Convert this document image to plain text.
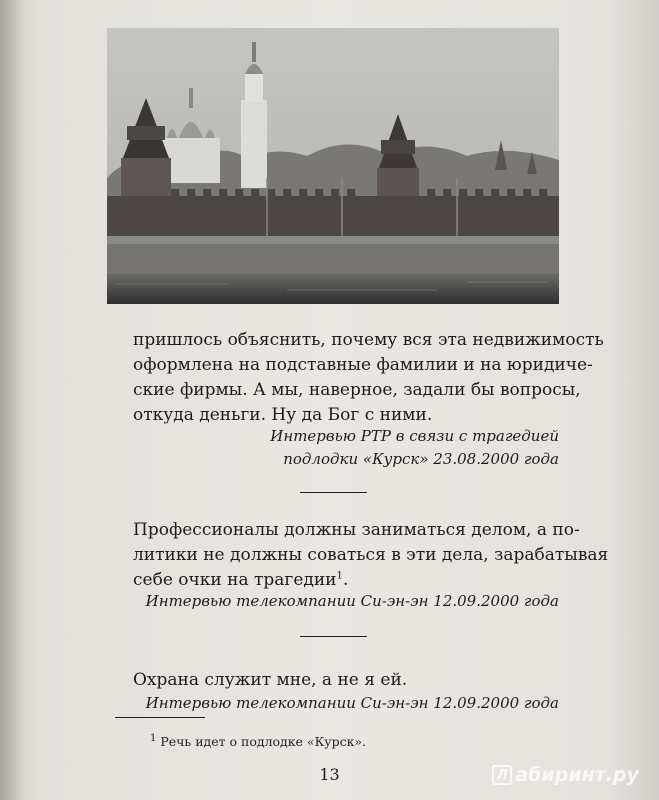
пришлось объяснить, почему вся эта недвижимость
оформлена на подставные фамилии и на юридиче-
ские фирмы. А мы, наверное, задали бы вопросы,
откуда деньги. Ну да Бог с ними.
Интервью РТР в связи с трагедией
подлодки «Курск» 23.08.2000 года
Профессионалы должны заниматься делом, а по-
литики не должны соваться в эти дела, зарабатывая
себе очки на трагедии$^1$.
Интервью телекомпании Си-эн-эн 12.09.2000 года
Охрана служит мне, а не я ей.
Интервью телекомпании Си-эн-эн 12.09.2000 года
$^1$ Речь идет о подлодке «Курск».
13	Л абиринт.ру
